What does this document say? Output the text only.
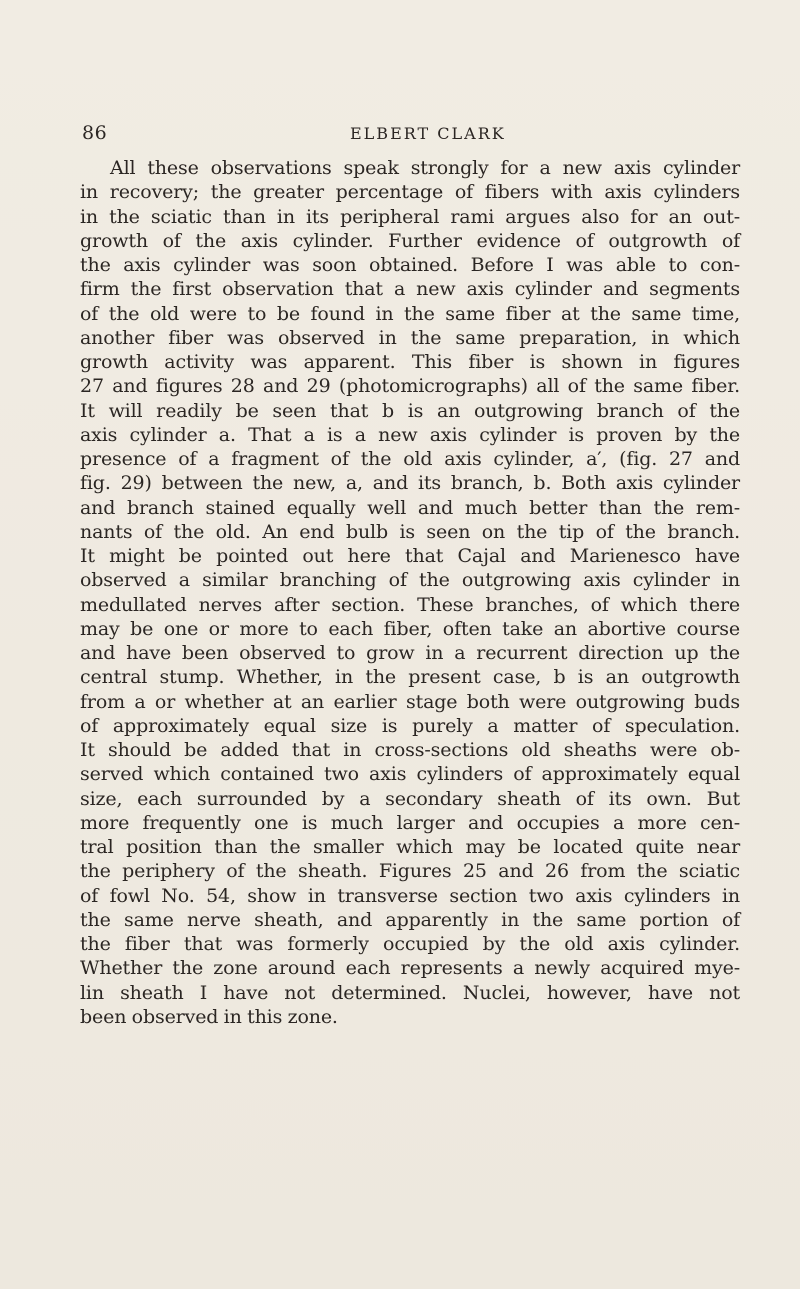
86	ELBERT CLARK
All these observations speak strongly for a new axis cylinder
in recovery; the greater percentage of fibers with axis cylinders
in the sciatic than in its peripheral rami argues also for an out-
growth of the axis cylinder. Further evidence of outgrowth of
the axis cylinder was soon obtained. Before I was able to con-
firm the first observation that a new axis cylinder and segments
of the old were to be found in the same fiber at the same time,
another fiber was observed in the same preparation, in which
growth activity was apparent. This fiber is shown in figures
27 and figures 28 and 29 (photomicrographs) all of the same fiber.
It will readily be seen that b is an outgrowing branch of the
axis cylinder a. That a is a new axis cylinder is proven by the
presence of a fragment of the old axis cylinder, a′, (fig. 27 and
fig. 29) between the new, a, and its branch, b. Both axis cylinder
and branch stained equally well and much better than the rem-
nants of the old. An end bulb is seen on the tip of the branch.
It might be pointed out here that Cajal and Marienesco have
observed a similar branching of the outgrowing axis cylinder in
medullated nerves after section. These branches, of which there
may be one or more to each fiber, often take an abortive course
and have been observed to grow in a recurrent direction up the
central stump. Whether, in the present case, b is an outgrowth
from a or whether at an earlier stage both were outgrowing buds
of approximately equal size is purely a matter of speculation.
It should be added that in cross-sections old sheaths were ob-
served which contained two axis cylinders of approximately equal
size, each surrounded by a secondary sheath of its own. But
more frequently one is much larger and occupies a more cen-
tral position than the smaller which may be located quite near
the periphery of the sheath. Figures 25 and 26 from the sciatic
of fowl No. 54, show in transverse section two axis cylinders in
the same nerve sheath, and apparently in the same portion of
the fiber that was formerly occupied by the old axis cylinder.
Whether the zone around each represents a newly acquired mye-
lin sheath I have not determined. Nuclei, however, have not
been observed in this zone.
